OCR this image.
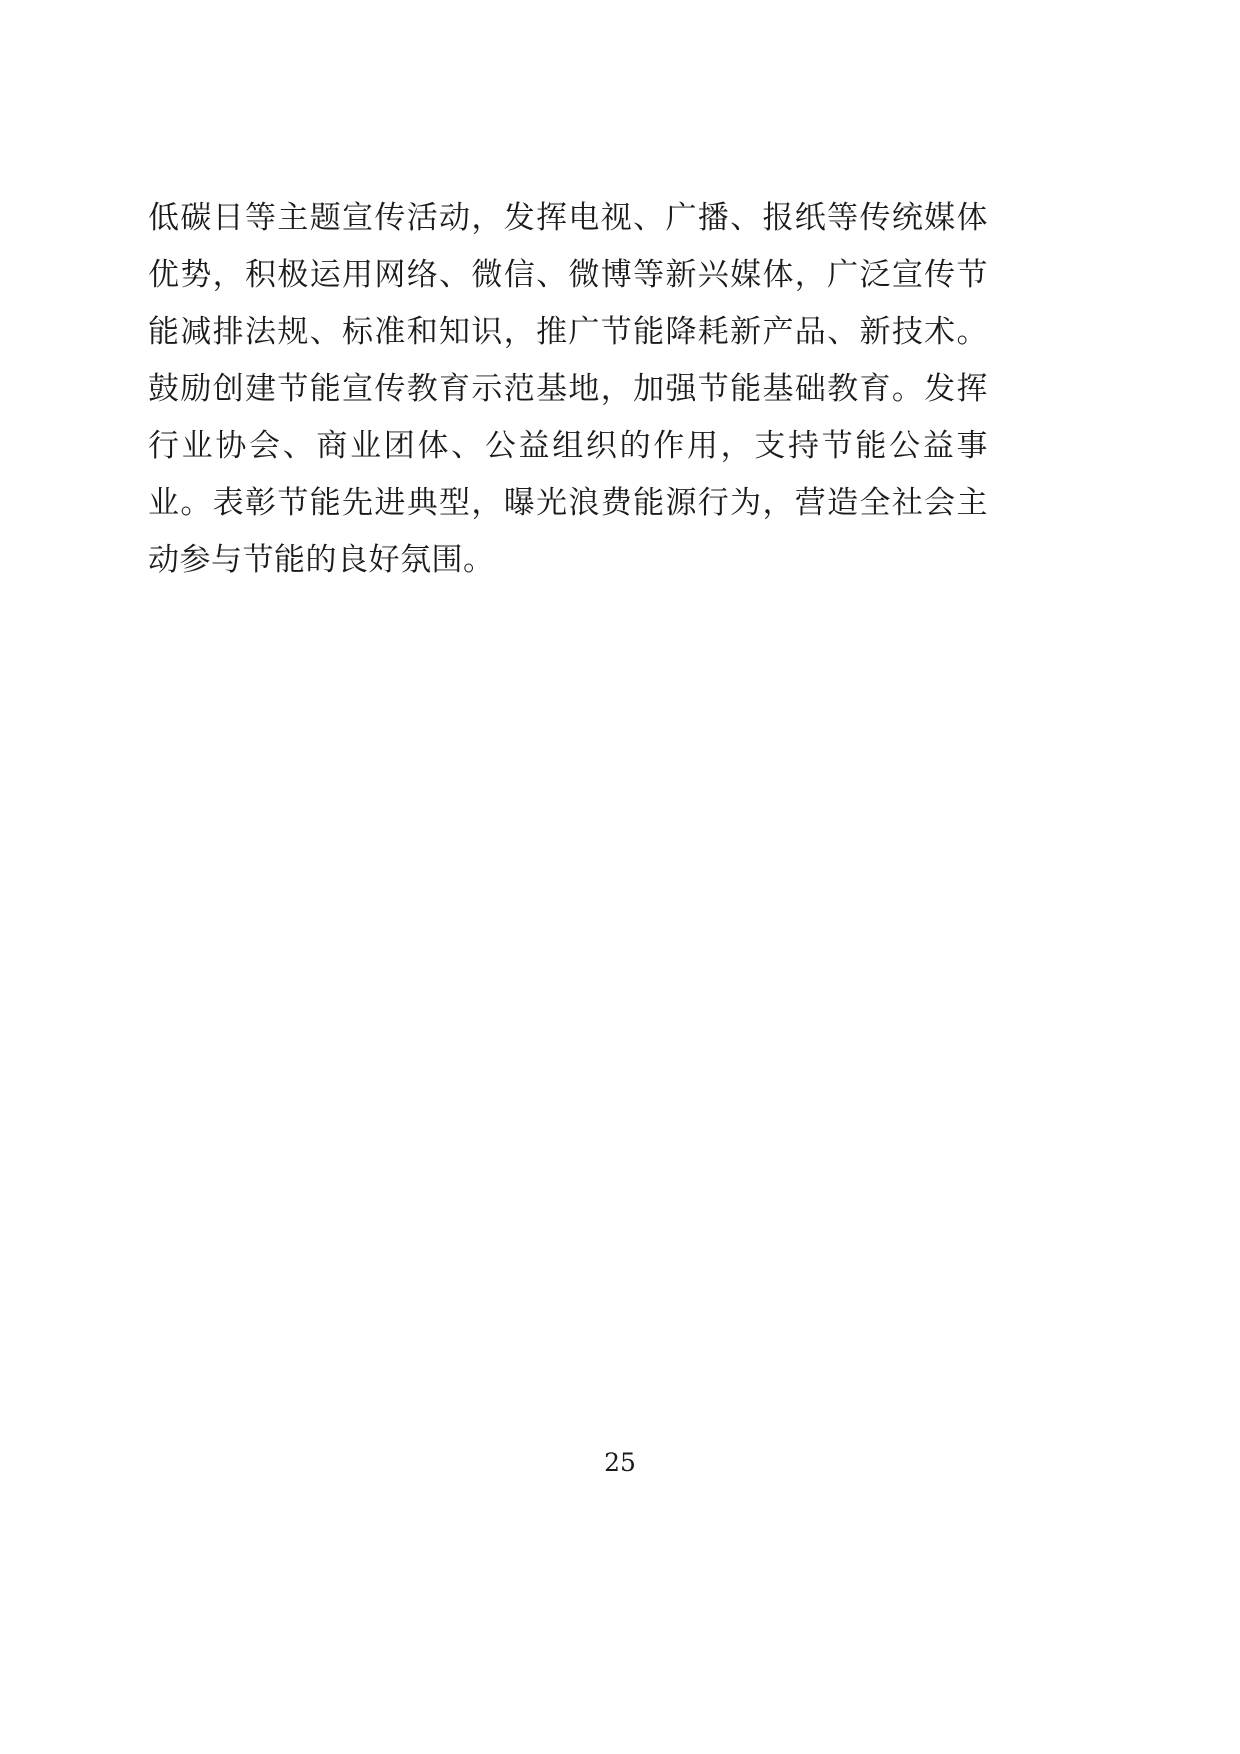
低碳日等主题宣传活动，发挥电视、广播、报纸等传统媒体优势，积极运用网络、微信、微博等新兴媒体，广泛宣传节能减排法规、标准和知识，推广节能降耗新产品、新技术。鼓励创建节能宣传教育示范基地，加强节能基础教育。发挥行业协会、商业团体、公益组织的作用，支持节能公益事业。表彰节能先进典型，曝光浪费能源行为，营造全社会主动参与节能的良好氛围。

25
